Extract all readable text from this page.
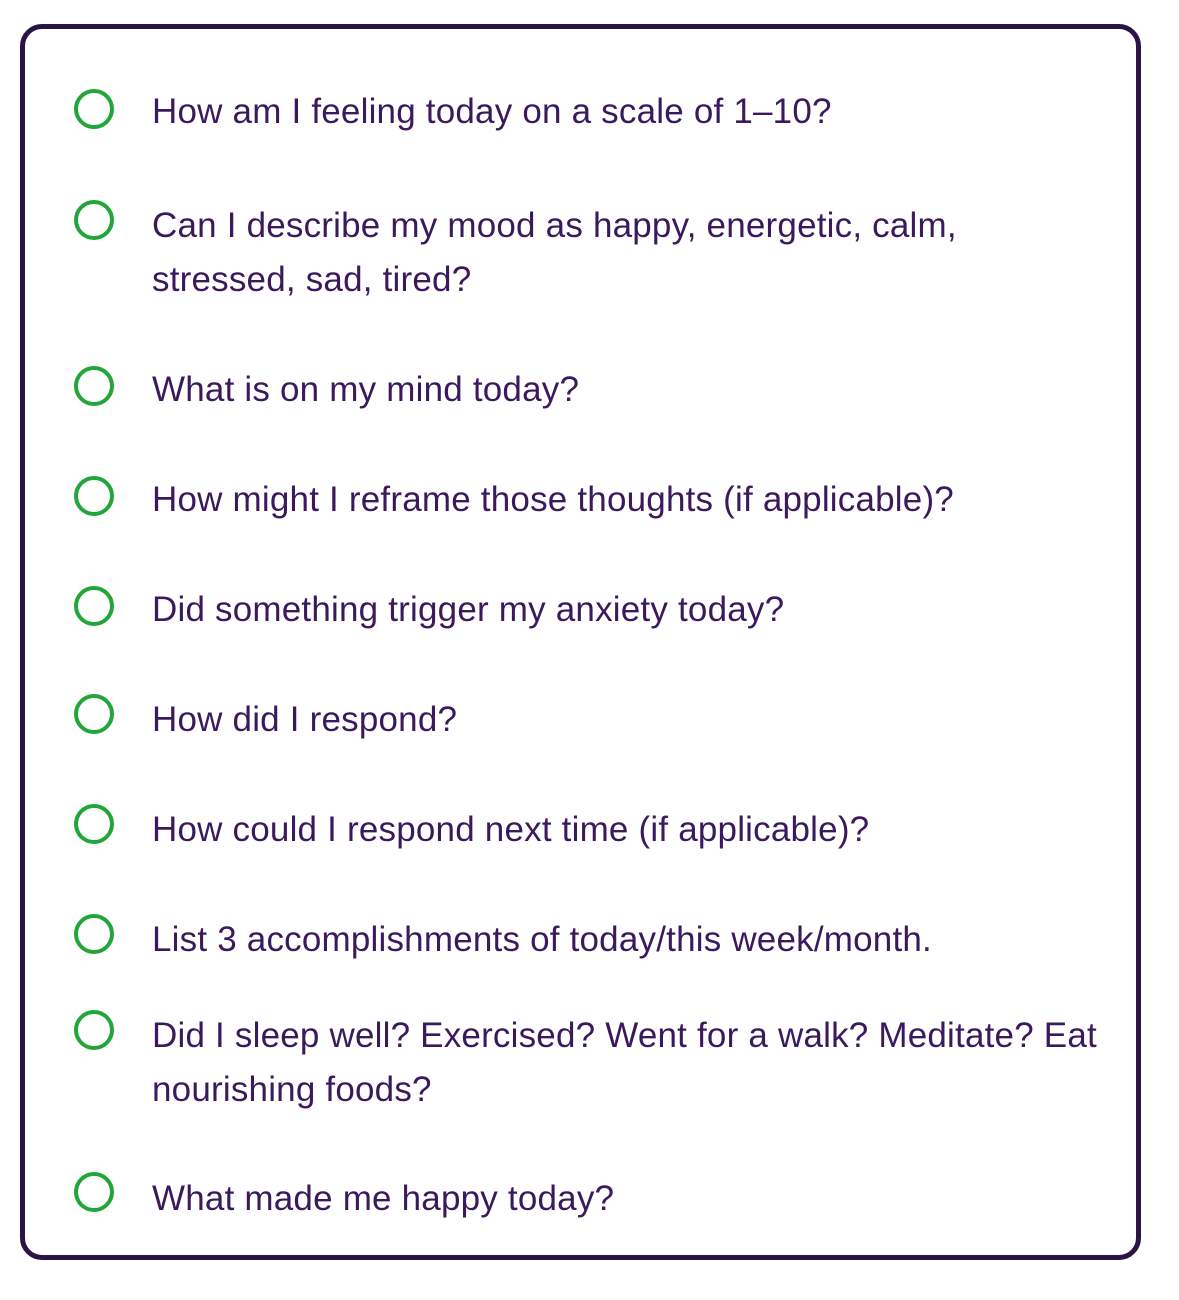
How am I feeling today on a scale of 1–10?
Can I describe my mood as happy, energetic, calm, stressed, sad, tired?
What is on my mind today?
How might I reframe those thoughts (if applicable)?
Did something trigger my anxiety today?
How did I respond?
How could I respond next time (if applicable)?
List 3 accomplishments of today/this week/month.
Did I sleep well? Exercised? Went for a walk? Meditate? Eat nourishing foods?
What made me happy today?
